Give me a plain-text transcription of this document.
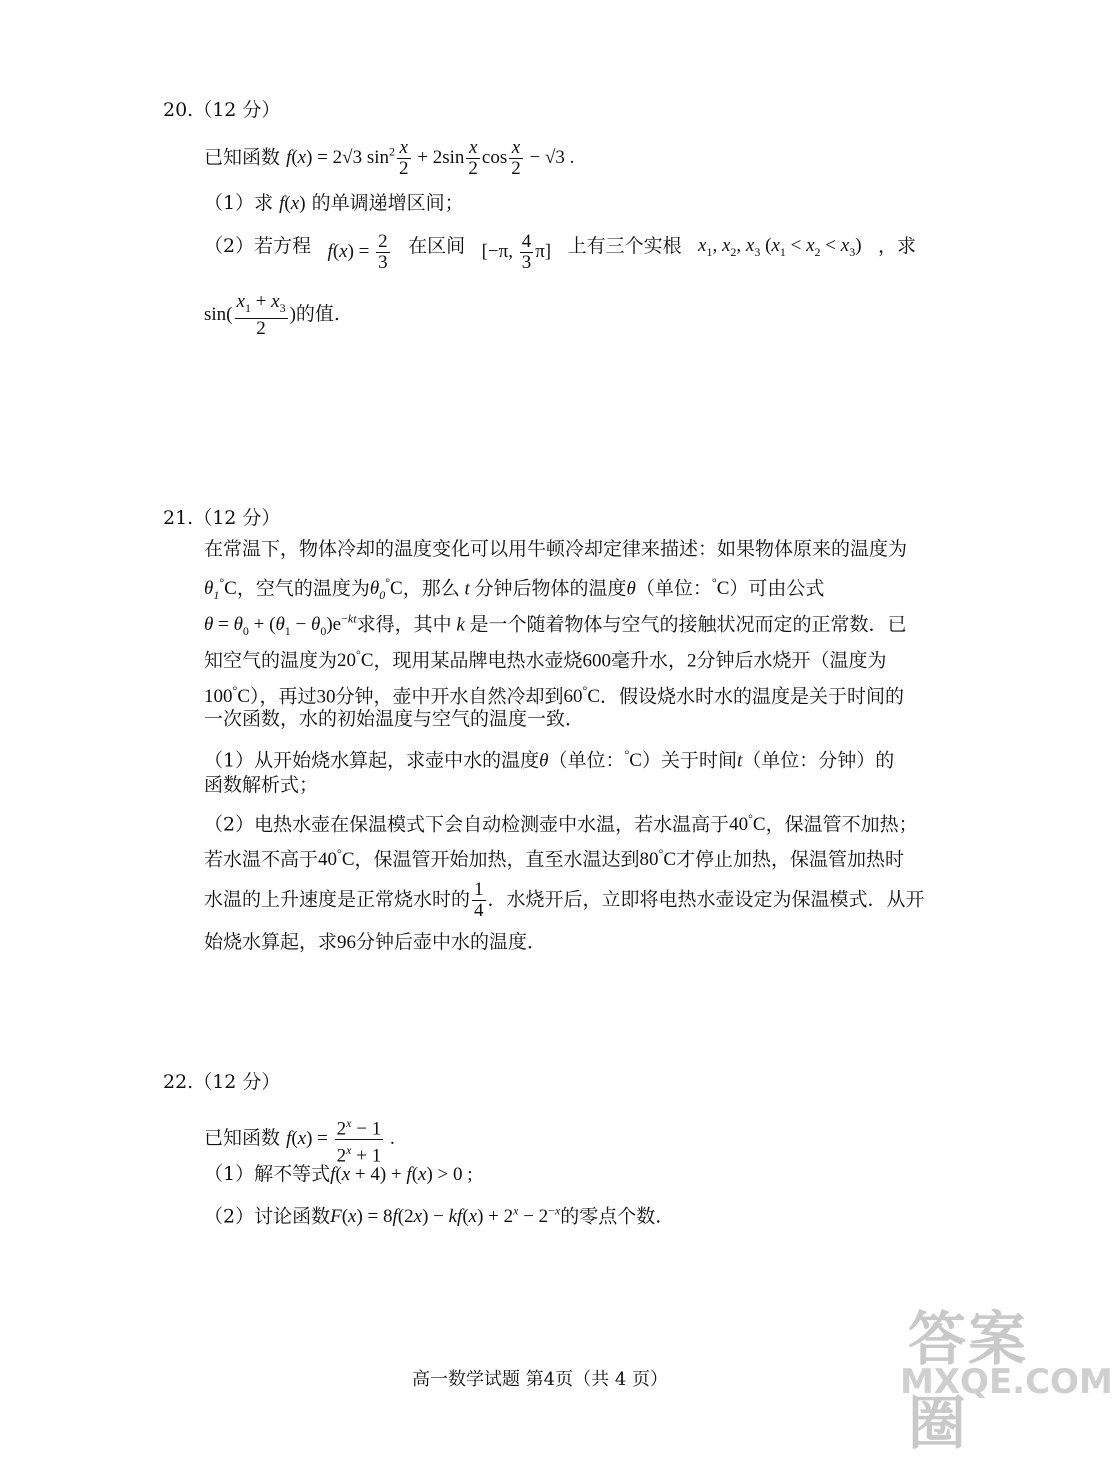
20.（12 分）
已知函数 f(x) = 2√3 $\sin^2 \frac{x}{2} + 2\sin \frac{x}{2}$ $\cos \frac{x}{2} - √3$ .
（1）求 f(x) 的单调递增区间；
（2）若方程 $f(x) = \frac{2}{3}$ 在区间 [−π, $\frac{4}{3} \pi$] 上有三个实根 $x_1$, $x_2$, $x_3$ $(x_1 < x_2 < x_3)$ ，求
$\sin( \frac{x_1 + x_3}{2}$ )的值.
21.（12 分）
在常温下，物体冷却的温度变化可以用牛顿冷却定律来描述：如果物体原来的温度为
$\theta_1^\circ C$，空气的温度为$\theta_0^\circ C$，那么 t 分钟后物体的温度θ（单位：°C）可由公式
$\theta = \theta_0 + (\theta_1 - \theta_0)e^{-kt}$求得，其中 k 是一个随着物体与空气的接触状况而定的正常数．已
知空气的温度为20°C，现用某品牌电热水壶烧600毫升水，2分钟后水烧开（温度为
100°C），再过30分钟，壶中开水自然冷却到60°C．假设烧水时水的温度是关于时间的
一次函数，水的初始温度与空气的温度一致．
（1）从开始烧水算起，求壶中水的温度θ（单位：°C）关于时间t（单位：分钟）的
函数解析式；
（2）电热水壶在保温模式下会自动检测壶中水温，若水温高于40°C，保温管不加热；
若水温不高于40°C，保温管开始加热，直至水温达到80°C才停止加热，保温管加热时
水温的上升速度是正常烧水时的 $\frac{1}{4}$ ．水烧开后，立即将电热水壶设定为保温模式．从开
始烧水算起，求96分钟后壶中水的温度．
22.（12 分）
已知函数 $f(x) = \frac{2^x - 1}{2^x + 1}$ .
（1）解不等式f(x + 4) + f(x) > 0 ;
（2）讨论函数$F(x) = 8f(2x) - kf(x) + 2^x - 2^{-x}$的零点个数.
高一数学试题 第4页（共 4 页）
答案圈
MXQE.COM
